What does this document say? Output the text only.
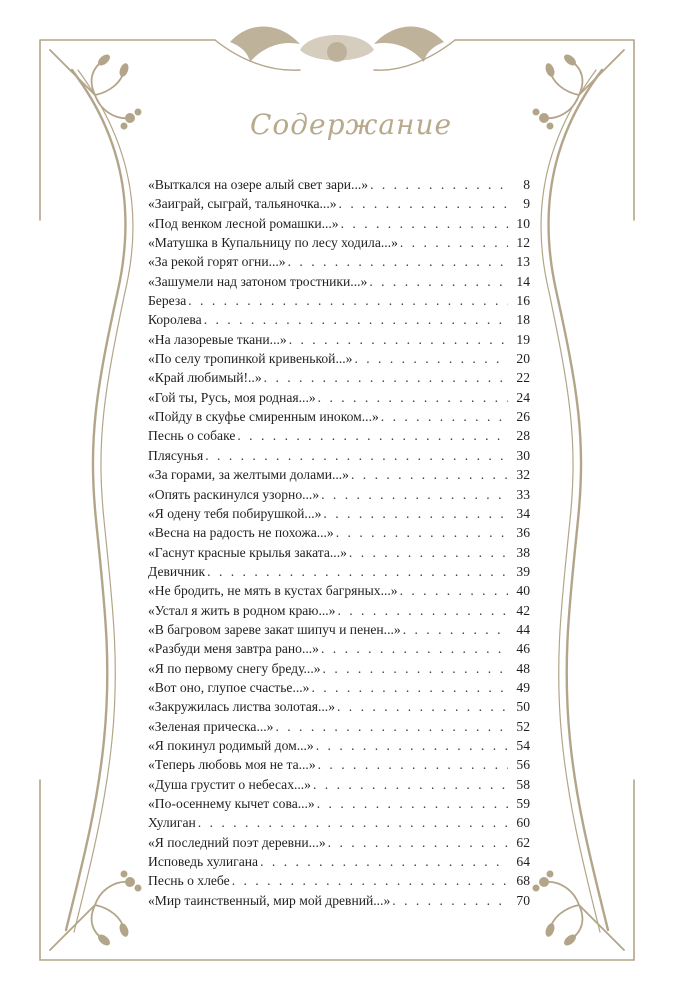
Содержание
«Выткался на озере алый свет зари...» . . .	8
«Заиграй, сыграй, тальяночка...» . . .	9
«Под венком лесной ромашки...» . . .	10
«Матушка в Купальницу по лесу ходила...» . . .	12
«За рекой горят огни...» . . .	13
«Зашумели над затоном тростники...» . . .	14
Береза . . .	16
Королева . . .	18
«На лазоревые ткани...» . . .	19
«По селу тропинкой кривенькой...» . . .	20
«Край любимый!..» . . .	22
«Гой ты, Русь, моя родная...» . . .	24
«Пойду в скуфье смиренным иноком...» . . .	26
Песнь о собаке . . .	28
Плясунья . . .	30
«За горами, за желтыми долами...» . . .	32
«Опять раскинулся узорно...» . . .	33
«Я одену тебя побирушкой...» . . .	34
«Весна на радость не похожа...» . . .	36
«Гаснут красные крылья заката...» . . .	38
Девичник . . .	39
«Не бродить, не мять в кустах багряных...» . . .	40
«Устал я жить в родном краю...» . . .	42
«В багровом зареве закат шипуч и пенен...» . . .	44
«Разбуди меня завтра рано...» . . .	46
«Я по первому снегу бреду...» . . .	48
«Вот оно, глупое счастье...» . . .	49
«Закружилась листва золотая...» . . .	50
«Зеленая прическа...» . . .	52
«Я покинул родимый дом...» . . .	54
«Теперь любовь моя не та...» . . .	56
«Душа грустит о небесах...» . . .	58
«По-осеннему кычет сова...» . . .	59
Хулиган . . .	60
«Я последний поэт деревни...» . . .	62
Исповедь хулигана . . .	64
Песнь о хлебе . . .	68
«Мир таинственный, мир мой древний...» . . .	70
